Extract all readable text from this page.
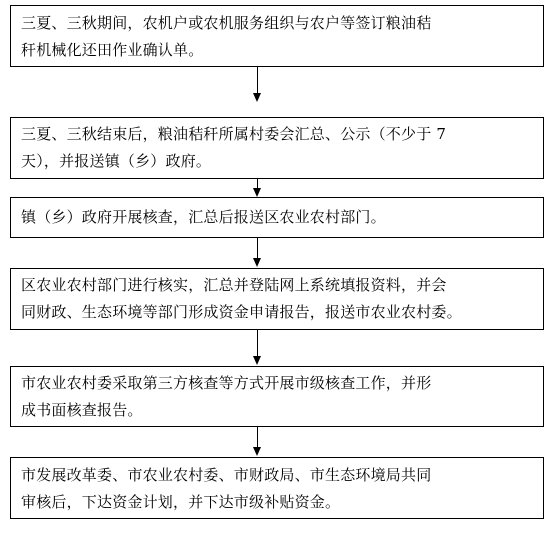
三夏、三秋期间，农机户或农机服务组织与农户等签订粮油秸
秆机械化还田作业确认单。
三夏、三秋结束后，粮油秸秆所属村委会汇总、公示（不少于 7
天），并报送镇（乡）政府。
镇（乡）政府开展核查，汇总后报送区农业农村部门。
区农业农村部门进行核实，汇总并登陆网上系统填报资料，并会
同财政、生态环境等部门形成资金申请报告，报送市农业农村委。
市农业农村委采取第三方核查等方式开展市级核查工作，并形
成书面核查报告。
市发展改革委、市农业农村委、市财政局、市生态环境局共同
审核后，下达资金计划，并下达市级补贴资金。
